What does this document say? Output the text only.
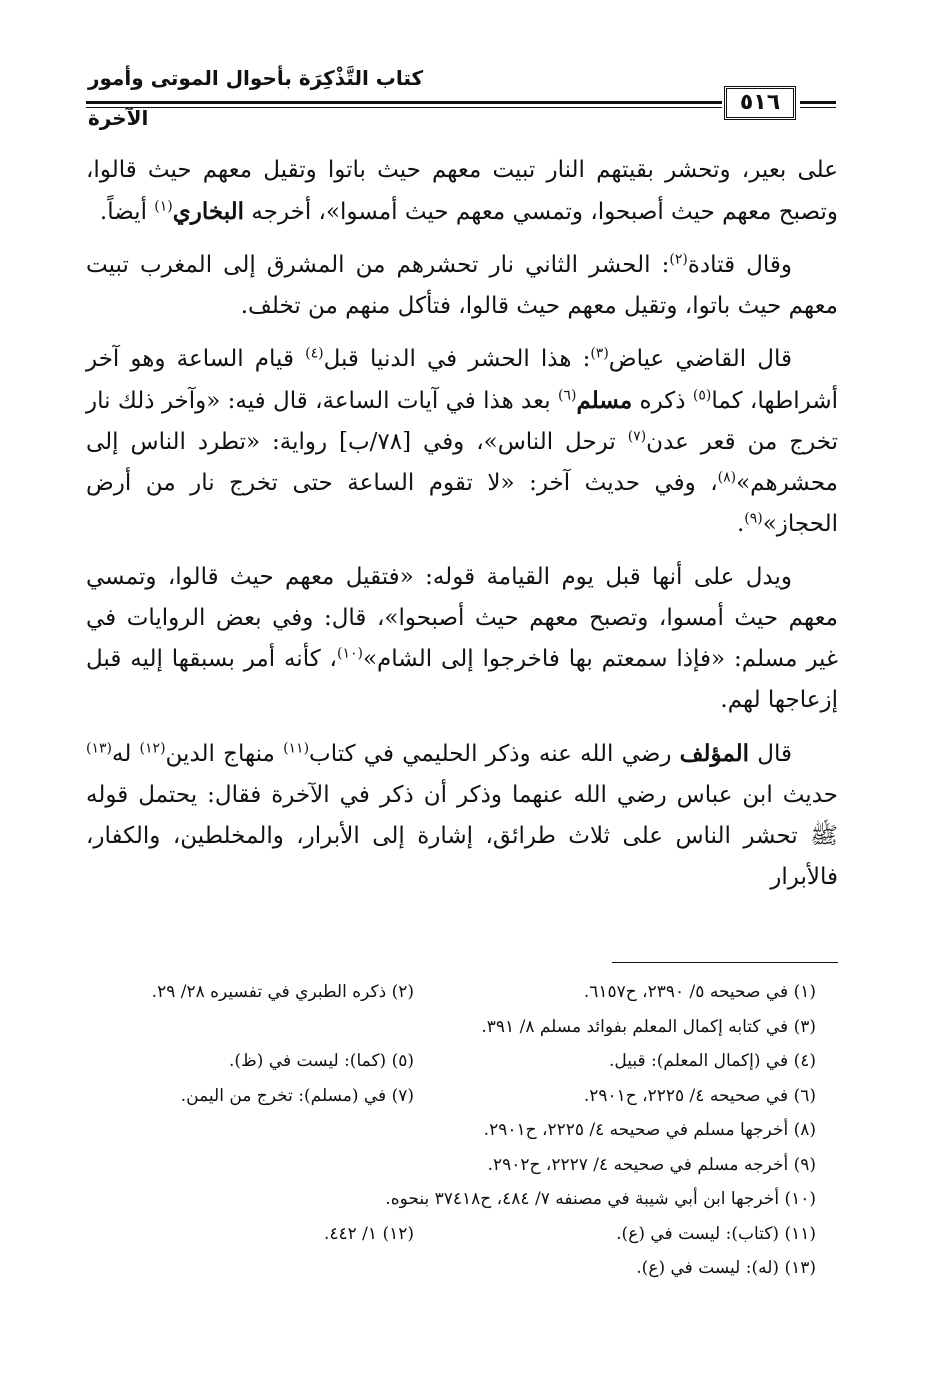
كتاب التَّذْكِرَة بأحوال الموتى وأمور الآخرة
٥١٦

على بعير، وتحشر بقيتهم النار تبيت معهم حيث باتوا وتقيل معهم حيث قالوا، وتصبح معهم حيث أصبحوا، وتمسي معهم حيث أمسوا»، أخرجه البخاري$^{(١)}$ أيضاً.

وقال قتادة$^{(٢)}$: الحشر الثاني نار تحشرهم من المشرق إلى المغرب تبيت معهم حيث باتوا، وتقيل معهم حيث قالوا، فتأكل منهم من تخلف.

قال القاضي عياض$^{(٣)}$: هذا الحشر في الدنيا قبل$^{(٤)}$ قيام الساعة وهو آخر أشراطها، كما$^{(٥)}$ ذكره مسلم$^{(٦)}$ بعد هذا في آيات الساعة، قال فيه: «وآخر ذلك نار تخرج من قعر عدن$^{(٧)}$ ترحل الناس»، وفي [٧٨/ب] رواية: «تطرد الناس إلى محشرهم»$^{(٨)}$، وفي حديث آخر: «لا تقوم الساعة حتى تخرج نار من أرض الحجاز»$^{(٩)}$.

ويدل على أنها قبل يوم القيامة قوله: «فتقيل معهم حيث قالوا، وتمسي معهم حيث أمسوا، وتصبح معهم حيث أصبحوا»، قال: وفي بعض الروايات في غير مسلم: «فإذا سمعتم بها فاخرجوا إلى الشام»$^{(١٠)}$، كأنه أمر بسبقها إليه قبل إزعاجها لهم.

قال المؤلف رضي الله عنه وذكر الحليمي في كتاب$^{(١١)}$ منهاج الدين$^{(١٢)}$ له$^{(١٣)}$ حديث ابن عباس رضي الله عنهما وذكر أن ذكر في الآخرة فقال: يحتمل قوله ﷺ تحشر الناس على ثلاث طرائق، إشارة إلى الأبرار، والمخلطين، والكفار، فالأبرار

(١) في صحيحه ٥/ ٢٣٩٠، ح٦١٥٧.
(٢) ذكره الطبري في تفسيره ٢٨/ ٢٩.
(٣) في كتابه إكمال المعلم بفوائد مسلم ٨/ ٣٩١.
(٤) في (إكمال المعلم): قبيل.
(٥) (كما): ليست في (ظ).
(٦) في صحيحه ٤/ ٢٢٢٥، ح٢٩٠١.
(٧) في (مسلم): تخرج من اليمن.
(٨) أخرجها مسلم في صحيحه ٤/ ٢٢٢٥، ح٢٩٠١.
(٩) أخرجه مسلم في صحيحه ٤/ ٢٢٢٧، ح٢٩٠٢.
(١٠) أخرجها ابن أبي شيبة في مصنفه ٧/ ٤٨٤، ح٣٧٤١٨ بنحوه.
(١١) (كتاب): ليست في (ع).
(١٢) ١/ ٤٤٢.
(١٣) (له): ليست في (ع).
